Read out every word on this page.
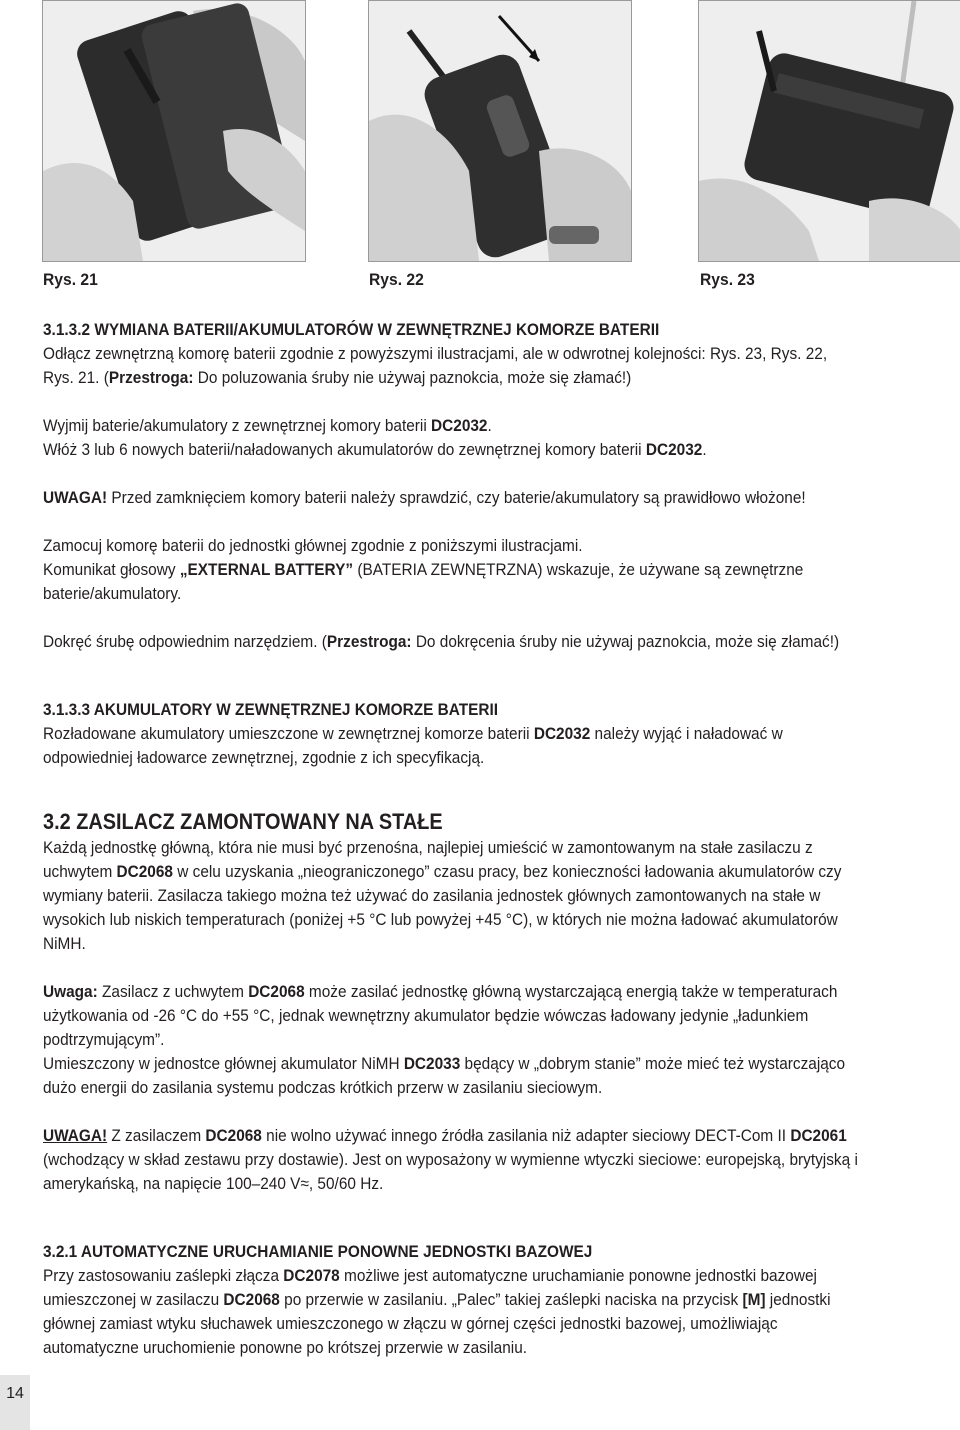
Rys. 21	Rys. 22	Rys. 23

3.1.3.2 WYMIANA BATERII/AKUMULATORÓW W ZEWNĘTRZNEJ KOMORZE BATERII

Odłącz zewnętrzną komorę baterii zgodnie z powyższymi ilustracjami, ale w odwrotnej kolejności: Rys. 23, Rys. 22,

Rys. 21. (Przestroga: Do poluzowania śruby nie używaj paznokcia, może się złamać!)

Wyjmij baterie/akumulatory z zewnętrznej komory baterii DC2032.

Włóż 3 lub 6 nowych baterii/naładowanych akumulatorów do zewnętrznej komory baterii DC2032.

UWAGA! Przed zamknięciem komory baterii należy sprawdzić, czy baterie/akumulatory są prawidłowo włożone!

Zamocuj komorę baterii do jednostki głównej zgodnie z poniższymi ilustracjami.

Komunikat głosowy „EXTERNAL BATTERY” (BATERIA ZEWNĘTRZNA) wskazuje, że używane są zewnętrzne

baterie/akumulatory.

Dokręć śrubę odpowiednim narzędziem. (Przestroga: Do dokręcenia śruby nie używaj paznokcia, może się złamać!)

3.1.3.3 AKUMULATORY W ZEWNĘTRZNEJ KOMORZE BATERII

Rozładowane akumulatory umieszczone w zewnętrznej komorze baterii DC2032 należy wyjąć i naładować w

odpowiedniej ładowarce zewnętrznej, zgodnie z ich specyfikacją.

3.2 ZASILACZ ZAMONTOWANY NA STAŁE

Każdą jednostkę główną, która nie musi być przenośna, najlepiej umieścić w zamontowanym na stałe zasilaczu z

uchwytem DC2068 w celu uzyskania „nieograniczonego” czasu pracy, bez konieczności ładowania akumulatorów czy

wymiany baterii. Zasilacza takiego można też używać do zasilania jednostek głównych zamontowanych na stałe w

wysokich lub niskich temperaturach (poniżej +5 °C lub powyżej +45 °C), w których nie można ładować akumulatorów

NiMH.

Uwaga: Zasilacz z uchwytem DC2068 może zasilać jednostkę główną wystarczającą energią także w temperaturach

użytkowania od -26 °C do +55 °C, jednak wewnętrzny akumulator będzie wówczas ładowany jedynie „ładunkiem

podtrzymującym”.

Umieszczony w jednostce głównej akumulator NiMH DC2033 będący w „dobrym stanie” może mieć też wystarczająco

dużo energii do zasilania systemu podczas krótkich przerw w zasilaniu sieciowym.

UWAGA! Z zasilaczem DC2068 nie wolno używać innego źródła zasilania niż adapter sieciowy DECT-Com II DC2061

(wchodzący w skład zestawu przy dostawie). Jest on wyposażony w wymienne wtyczki sieciowe: europejską, brytyjską i

amerykańską, na napięcie 100–240 V≈, 50/60 Hz.

3.2.1 AUTOMATYCZNE URUCHAMIANIE PONOWNE JEDNOSTKI BAZOWEJ

Przy zastosowaniu zaślepki złącza DC2078 możliwe jest automatyczne uruchamianie ponowne jednostki bazowej

umieszczonej w zasilaczu DC2068 po przerwie w zasilaniu. „Palec” takiej zaślepki naciska na przycisk [M] jednostki

głównej zamiast wtyku słuchawek umieszczonego w złączu w górnej części jednostki bazowej, umożliwiając

automatyczne uruchomienie ponowne po krótszej przerwie w zasilaniu.

14
